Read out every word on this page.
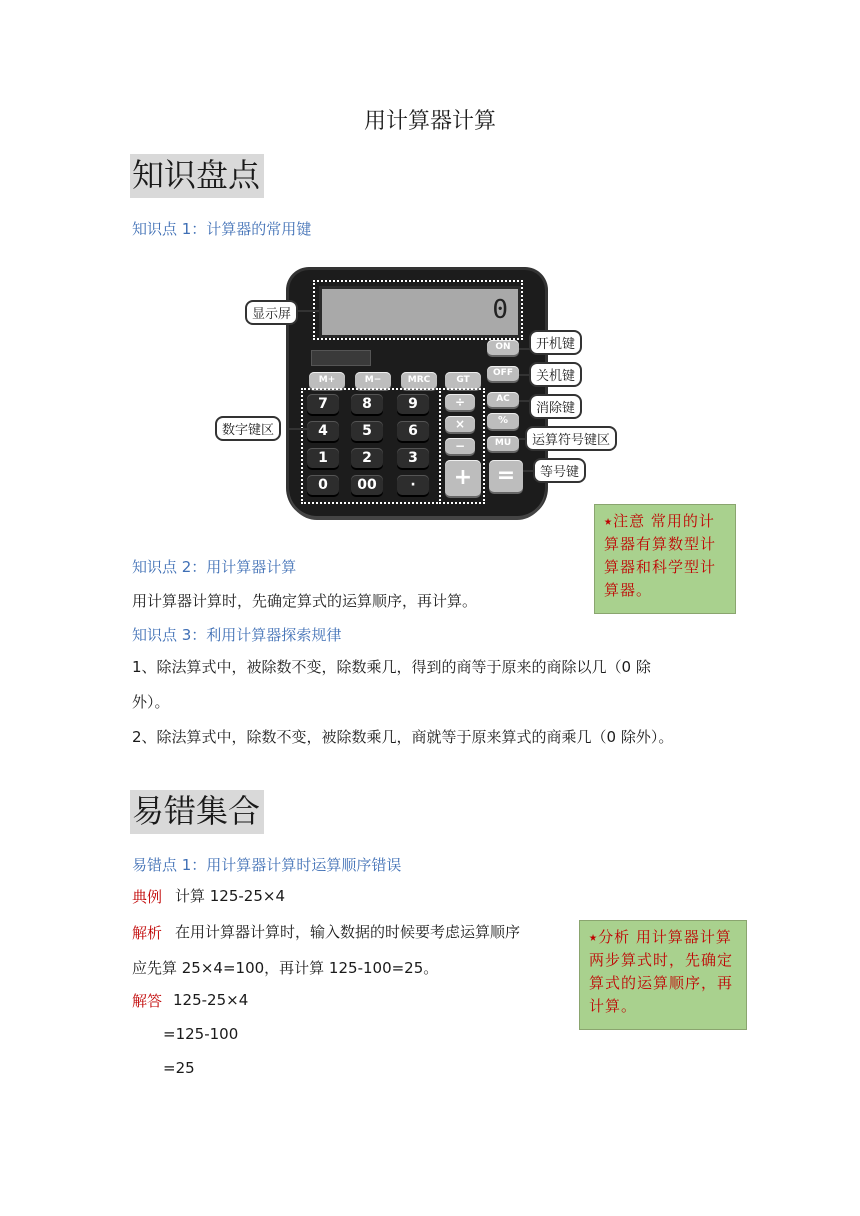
用计算器计算
知识盘点
知识点 1：计算器的常用键
0
M+	M−	MRC	GT
ON
OFF
AC
%
MU
7	8	9
4	5	6
1	2	3
0	00	·
÷
×
−
+	=
显示屏
数字键区
开机键
关机键
消除键
运算符号键区
等号键
⭑注意 常用的计算器有算数型计算器和科学型计算器。
知识点 2：用计算器计算
用计算器计算时，先确定算式的运算顺序，再计算。
知识点 3：利用计算器探索规律
1、除法算式中，被除数不变，除数乘几，得到的商等于原来的商除以几（0 除
外）。
2、除法算式中，除数不变，被除数乘几，商就等于原来算式的商乘几（0 除外）。
易错集合
易错点 1：用计算器计算时运算顺序错误
典例 计算 125-25×4
解析 在用计算器计算时，输入数据的时候要考虑运算顺序
应先算 25×4=100，再计算 125-100=25。
解答 125-25×4
=125-100
=25
⭑分析 用计算器计算两步算式时，先确定算式的运算顺序，再计算。
